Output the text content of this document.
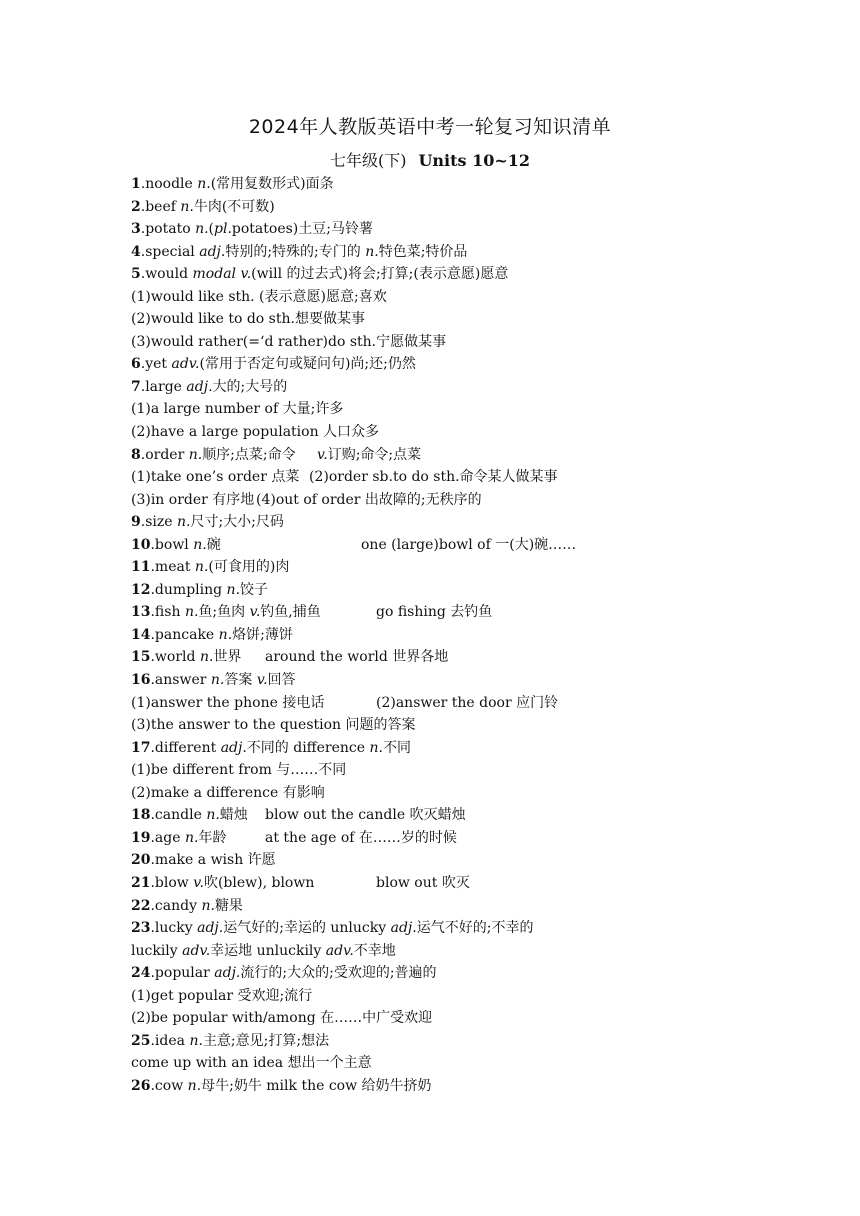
2024年人教版英语中考一轮复习知识清单
七年级(下) Units 10~12
1.noodle n.(常用复数形式)面条
2.beef n.牛肉(不可数)
3.potato n.(pl.potatoes)土豆;马铃薯
4.special adj.特别的;特殊的;专门的 n.特色菜;特价品
5.would modal v.(will 的过去式)将会;打算;(表示意愿)愿意
(1)would like sth. (表示意愿)愿意;喜欢
(2)would like to do sth.想要做某事
(3)would rather(=‘d rather)do sth.宁愿做某事
6.yet adv.(常用于否定句或疑问句)尚;还;仍然
7.large adj.大的;大号的
(1)a large number of 大量;许多
(2)have a large population 人口众多
8.order n.顺序;点菜;命令 v.订购;命令;点菜
(1)take one’s order 点菜 (2)order sb.to do sth.命令某人做某事
(3)in order 有序地 (4)out of order 出故障的;无秩序的
9.size n.尺寸;大小;尺码
10.bowl n.碗	one (large)bowl of 一(大)碗……
11.meat n.(可食用的)肉
12.dumpling n.饺子
13.fish n.鱼;鱼肉 v.钓鱼,捕鱼	go fishing 去钓鱼
14.pancake n.烙饼;薄饼
15.world n.世界 around the world 世界各地
16.answer n.答案 v.回答
(1)answer the phone 接电话	(2)answer the door 应门铃
(3)the answer to the question 问题的答案
17.different adj.不同的 difference n.不同
(1)be different from 与……不同
(2)make a difference 有影响
18.candle n.蜡烛 blow out the candle 吹灭蜡烛
19.age n.年龄	at the age of 在……岁的时候
20.make a wish 许愿
21.blow v.吹(blew), blown	blow out 吹灭
22.candy n.糖果
23.lucky adj.运气好的;幸运的 unlucky adj.运气不好的;不幸的
luckily adv.幸运地 unluckily adv.不幸地
24.popular adj.流行的;大众的;受欢迎的;普遍的
(1)get popular 受欢迎;流行
(2)be popular with/among 在……中广受欢迎
25.idea n.主意;意见;打算;想法
come up with an idea 想出一个主意
26.cow n.母牛;奶牛 milk the cow 给奶牛挤奶
